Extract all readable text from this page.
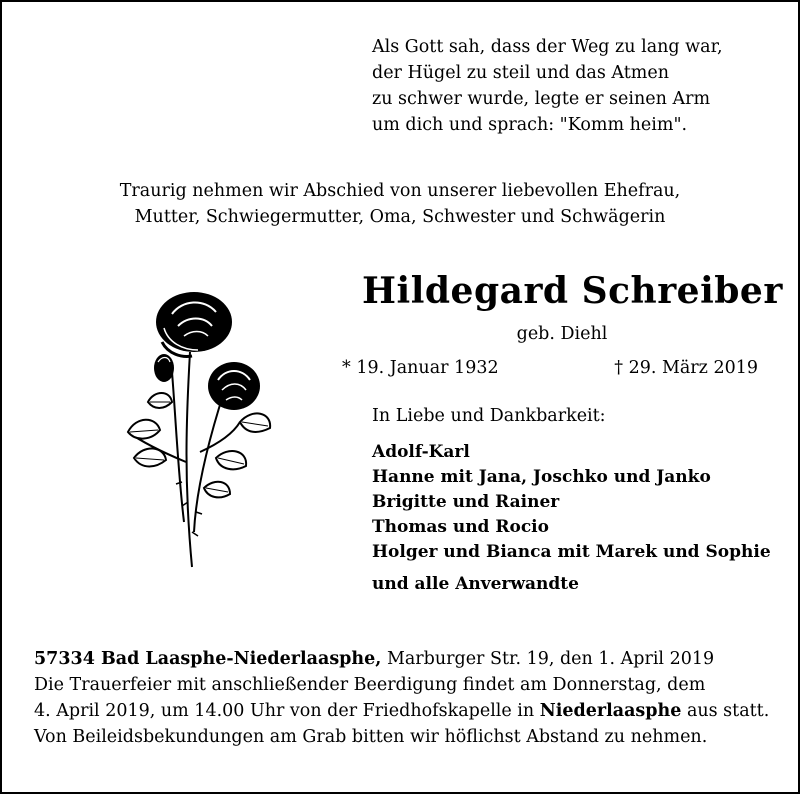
Als Gott sah, dass der Weg zu lang war,
der Hügel zu steil und das Atmen
zu schwer wurde, legte er seinen Arm
um dich und sprach: "Komm heim".
Traurig nehmen wir Abschied von unserer liebevollen Ehefrau,
Mutter, Schwiegermutter, Oma, Schwester und Schwägerin
Hildegard Schreiber
geb. Diehl
* 19. Januar 1932	† 29. März 2019
In Liebe und Dankbarkeit:
Adolf-Karl
Hanne mit Jana, Joschko und Janko
Brigitte und Rainer
Thomas und Rocio
Holger und Bianca mit Marek und Sophie
und alle Anverwandte
57334 Bad Laasphe-Niederlaasphe, Marburger Str. 19, den 1. April 2019
Die Trauerfeier mit anschließender Beerdigung findet am Donnerstag, dem
4. April 2019, um 14.00 Uhr von der Friedhofskapelle in Niederlaasphe aus statt.
Von Beileidsbekundungen am Grab bitten wir höflichst Abstand zu nehmen.
